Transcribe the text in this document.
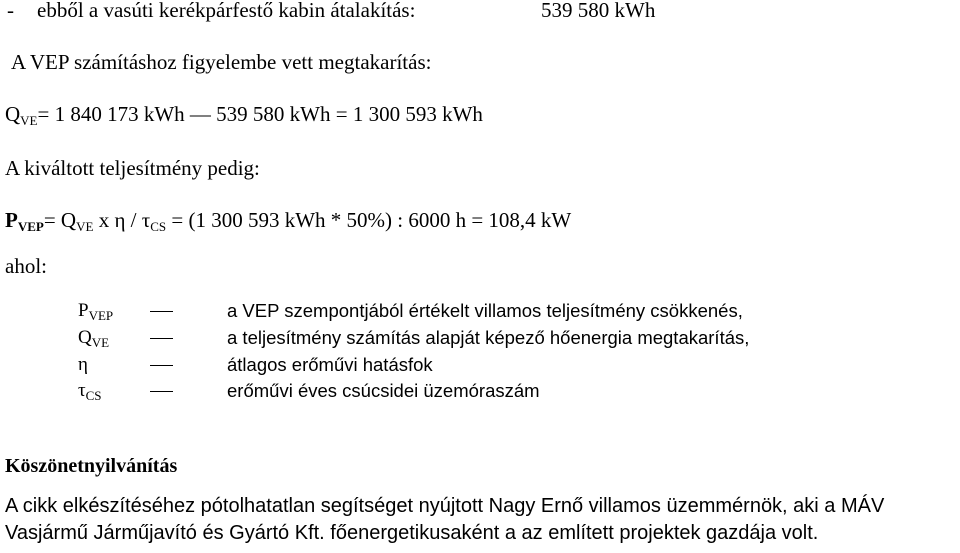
- ebből a vasúti kerékpárfestő kabin átalakítás:	539 580 kWh
A VEP számításhoz figyelembe vett megtakarítás:
$Q_{VE}= 1$ 840 173 kWh — 539 580 kWh = 1 300 593 kWh
A kiváltott teljesítmény pedig:
$P_{VEP}= Q_{VE}$ x $\eta / \tau_{CS} = (1$ 300 593 kWh * 50%) : 6000 h = 108,4 kW
ahol:
$P_{VEP}$	a VEP szempontjából értékelt villamos teljesítmény csökkenés,
$Q_{VE}$	a teljesítmény számítás alapját képező hőenergia megtakarítás,
η	átlagos erőművi hatásfok
$\tau_{CS}$	erőművi éves csúcsidei üzemóraszám
Köszönetnyilvánítás
A cikk elkészítéséhez pótolhatatlan segítséget nyújtott Nagy Ernő villamos üzemmérnök, aki a MÁV
Vasjármű Járműjavító és Gyártó Kft. főenergetikusaként a az említett projektek gazdája volt.
